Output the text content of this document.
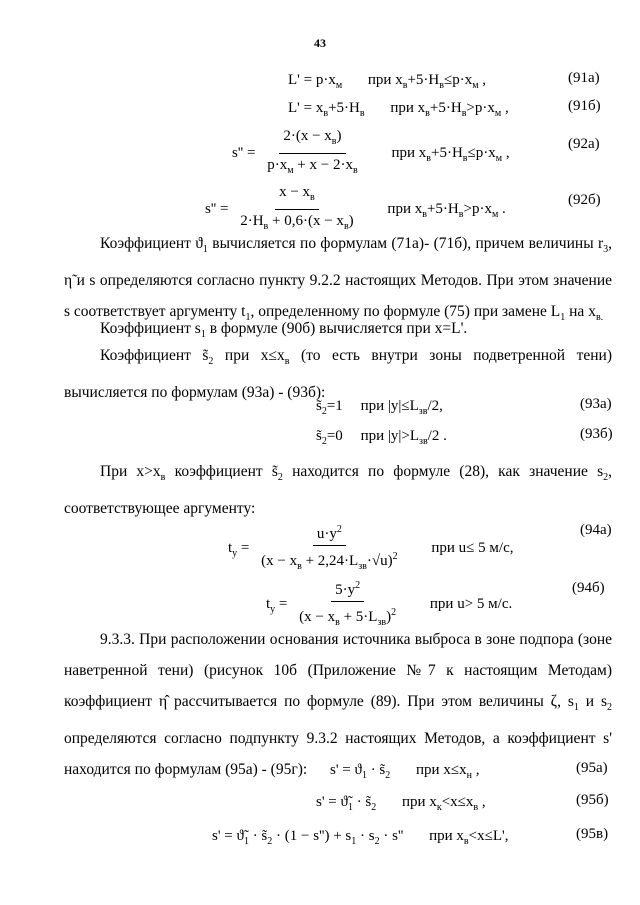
43
$L' = p\cdot x_м$ при $x_в+5\cdot H_в\le p\cdot x_м$ ,	(91а)
$L' = x_в+5\cdot H_в$ при $x_в+5\cdot H_в>p\cdot x_м$ ,	(91б)
$s'' = \frac{2\cdot(x - x_в)}{p\cdot x_м + x - 2\cdot x_в}$ при $x_в+5\cdot H_в\le p\cdot x_м$ ,
(92а)
$s'' = \frac{x - x_в}{2\cdot H_в + 0,6\cdot(x - x_в)}$ при $x_в+5\cdot H_в>p\cdot x_м$ .
(92б)
Коэффициент $ϑ_1$ вычисляется по формулам (71а)- (71б), причем величины $r_3$, η̃ и s определяются согласно пункту 9.2.2 настоящих Методов. При этом значение s соответствует аргументу $t_1$, определенному по формуле (75) при замене $L_1$ на $x_{в.}$
Коэффициент $s_1$ в формуле (90б) вычисляется при x=L'.
Коэффициент $s̃_2$ при $x\le x_в$ (то есть внутри зоны подветренной тени) вычисляется по формулам (93а) - (93б):
$s̃_2=1$ при $|y|\le L_{зв}/2$,	(93а)
$s̃_2=0$ при $|y|>L_{зв}/2$ .	(93б)
При $x>x_в$ коэффициент $s̃_2$ находится по формуле (28), как значение $s_2$, соответствующее аргументу:
$t_y = \frac{u\cdot y^2}{(x - x_в + 2,24\cdot L_{зв}\cdot√u)^2}$ при u≤ 5 м/с,
(94а)
$t_y = \frac{5\cdot y^2}{(x - x_в + 5\cdot L_{зв})^2}$ при u> 5 м/с.
(94б)
9.3.3. При расположении основания источника выброса в зоне подпора (зоне наветренной тени) (рисунок 10б (Приложение №7 к настоящим Методам) коэффициент η̂ рассчитывается по формуле (89). При этом величины ζ, $s_1$ и $s_2$ определяются согласно подпункту 9.3.2 настоящих Методов, а коэффициент s' находится по формулам (95а) - (95г):	$s' = ϑ_1$ · $s̃_2$ при $x\le x_н$ ,	(95а)
$s' = ϑ̃_1$ · $s̃_2$ при $x_к<x\le x_в$ ,	(95б)
$s' = ϑ̃_1$ · $s̃_2 \cdot (1 - s'') + s_1 \cdot s_2 \cdot s''$ при $x_в<x\le L'$,	(95в)
